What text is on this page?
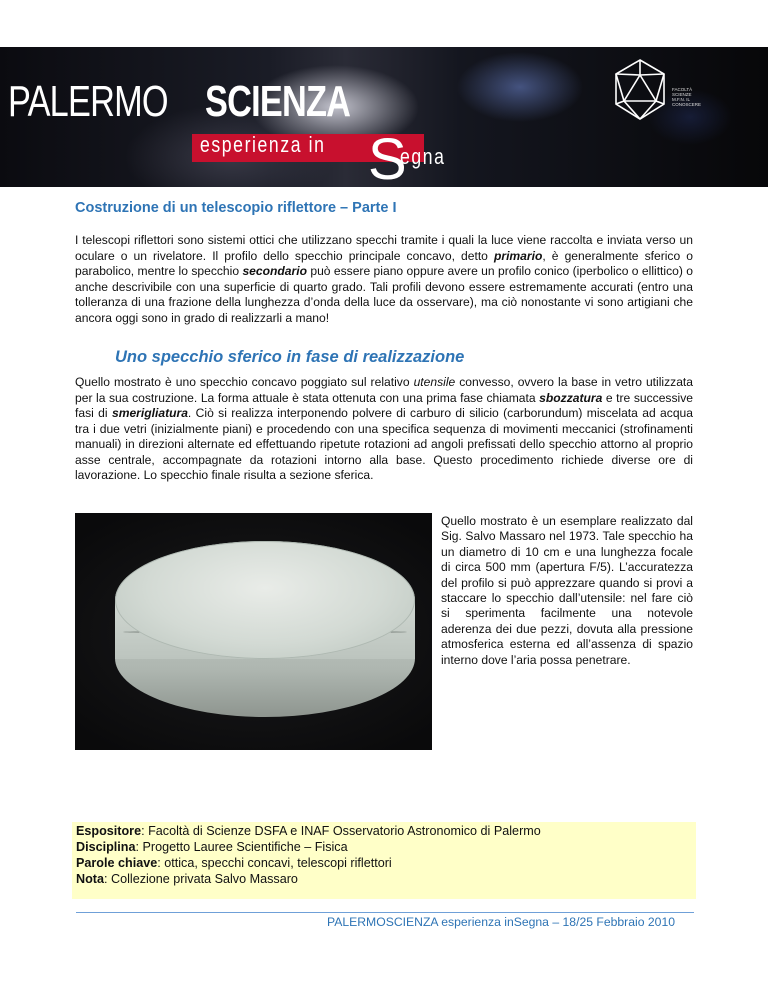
PALERMO SCIENZA
esperienza in S
egna
FACOLTÀ SCIENZE M.F.N. IL CONOSCERE
Costruzione di un telescopio riflettore – Parte I
I telescopi riflettori sono sistemi ottici che utilizzano specchi tramite i quali la luce viene raccolta e inviata verso un oculare o un rivelatore. Il profilo dello specchio principale concavo, detto primario, è generalmente sferico o parabolico, mentre lo specchio secondario può essere piano oppure avere un profilo conico (iperbolico o ellittico) o anche descrivibile con una superficie di quarto grado. Tali profili devono essere estremamente accurati (entro una tolleranza di una frazione della lunghezza d’onda della luce da osservare), ma ciò nonostante vi sono artigiani che ancora oggi sono in grado di realizzarli a mano!
Uno specchio sferico in fase di realizzazione
Quello mostrato è uno specchio concavo poggiato sul relativo utensile convesso, ovvero la base in vetro utilizzata per la sua costruzione. La forma attuale è stata ottenuta con una prima fase chiamata sbozzatura e tre successive fasi di smerigliatura. Ciò si realizza interponendo polvere di carburo di silicio (carborundum) miscelata ad acqua tra i due vetri (inizialmente piani) e procedendo con una specifica sequenza di movimenti meccanici (strofinamenti manuali) in direzioni alternate ed effettuando ripetute rotazioni ad angoli prefissati dello specchio attorno al proprio asse centrale, accompagnate da rotazioni intorno alla base. Questo procedimento richiede diverse ore di lavorazione. Lo specchio finale risulta a sezione sferica.
Quello mostrato è un esemplare realizzato dal Sig. Salvo Massaro nel 1973. Tale specchio ha un diametro di 10 cm e una lunghezza focale di circa 500 mm (apertura F/5). L’accuratezza del profilo si può apprezzare quando si provi a staccare lo specchio dall’utensile: nel fare ciò si sperimenta facilmente una notevole aderenza dei due pezzi, dovuta alla pressione atmosferica esterna ed all’assenza di spazio interno dove l’aria possa penetrare.
Espositore: Facoltà di Scienze DSFA e INAF Osservatorio Astronomico di Palermo
Disciplina: Progetto Lauree Scientifiche – Fisica
Parole chiave: ottica, specchi concavi, telescopi riflettori
Nota: Collezione privata Salvo Massaro
PALERMOSCIENZA esperienza inSegna – 18/25 Febbraio 2010
